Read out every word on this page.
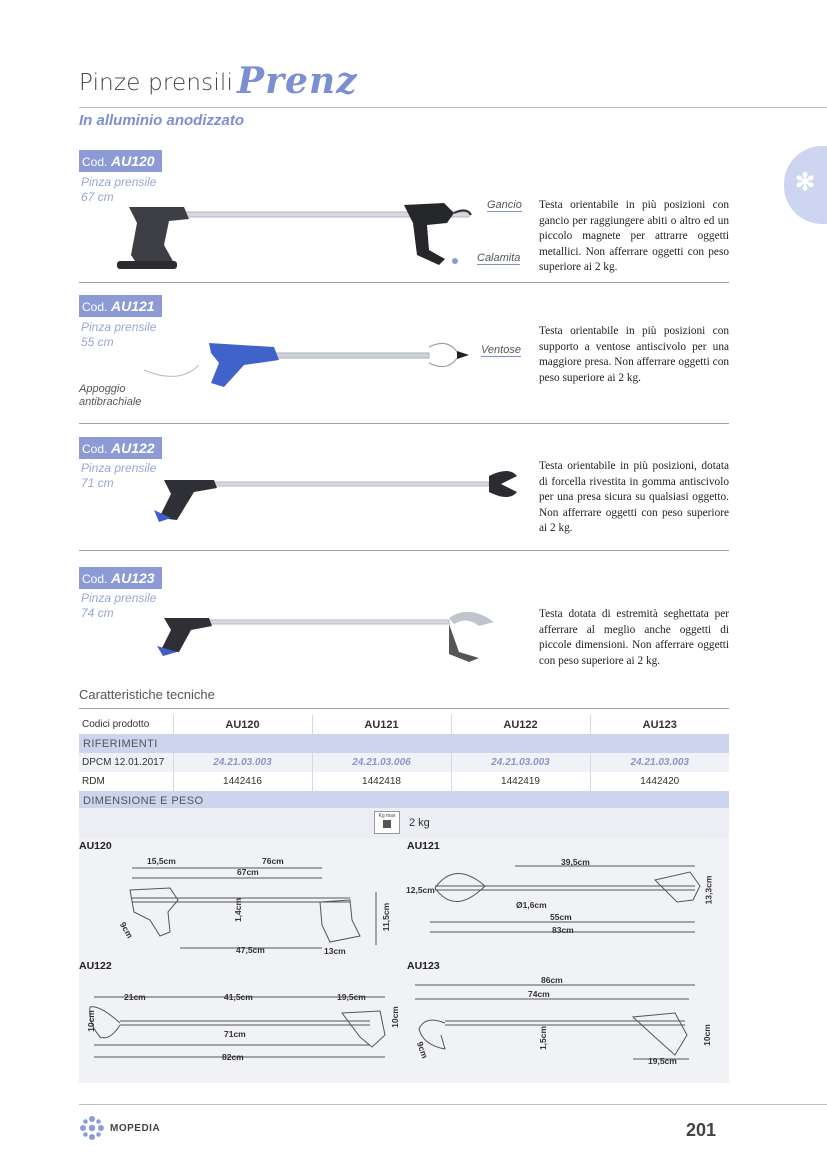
Pinze prensili Prenz
In alluminio anodizzato
✻
Cod. AU120
Pinza prensile
67 cm
Gancio
Calamita
Testa orientabile in più posizioni con gancio per raggiungere abiti o altro ed un piccolo magnete per attrarre oggetti metallici. Non afferrare oggetti con peso superiore ai 2 kg.
Cod. AU121
Pinza prensile
55 cm
Ventose
Appoggio
antibrachiale
Testa orientabile in più posizioni con supporto a ventose antiscivolo per una maggiore presa. Non afferrare oggetti con peso superiore ai 2 kg.
Cod. AU122
Pinza prensile
71 cm
Testa orientabile in più posizioni, dotata di forcella rivestita in gomma antiscivolo per una presa sicura su qualsiasi oggetto. Non afferrare oggetti con peso superiore ai 2 kg.
Cod. AU123
Pinza prensile
74 cm	Testa dotata di estremità seghettata per afferrare al meglio anche oggetti di piccole dimensioni. Non afferrare oggetti con peso superiore ai 2 kg.
Caratteristiche tecniche
Codici prodotto	AU120	AU121	AU122	AU123
RIFERIMENTI				
DPCM 12.01.2017	24.21.03.003	24.21.03.006	24.21.03.003	24.21.03.003
RDM	1442416	1442418	1442419	1442420
DIMENSIONE E PESO				
Kg max
2 kg
AU120
15,5cm	76cm
67cm
1,4cm	11,5cm
9cm
47,5cm	13cm
AU121
39,5cm
12,5cm
Ø1,6cm
13,3cm
55cm
83cm
AU122
21cm	41,5cm	19,5cm
10cm
71cm
10cm
82cm
AU123
86cm
74cm
1,5cm	10cm
9cm
19,5cm
MOPEDIA	201
